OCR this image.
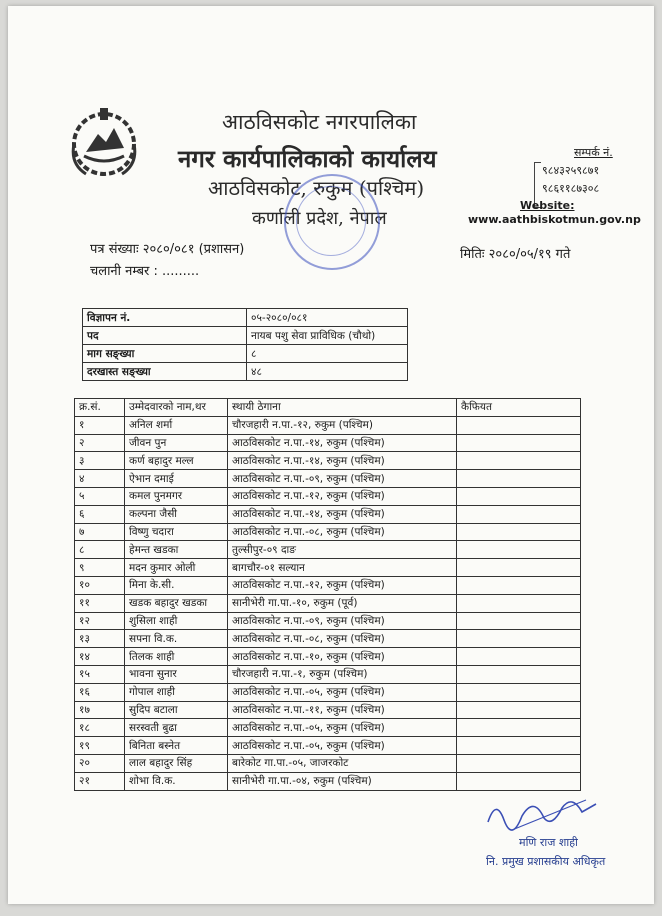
आठविसकोट नगरपालिका
नगर कार्यपालिकाको कार्यालय
आठविसकोट, रुकुम (पश्चिम)
कर्णाली प्रदेश, नेपाल
सम्पर्क नं.
९८४३२५९८७१
९८६११८७३०८
Website:
www.aathbiskotmun.gov.np
पत्र संख्याः २०८०/०८१ (प्रशासन)
चलानी नम्बर : .........
मितिः २०८०/०५/१९ गते
विज्ञापन नं.	०५-२०८०/०८१
पद	नायब पशु सेवा प्राविधिक (चौथो)
माग सङ्ख्या	८
दरखास्त सङ्ख्या	४८
क्र.सं.	उम्मेदवारको नाम,थर	स्थायी ठेगाना	कैफियत
१	अनिल शर्मा	चौरजहारी न.पा.-१२, रुकुम (पश्चिम)	
२	जीवन पुन	आठविसकोट न.पा.-१४, रुकुम (पश्चिम)	
३	कर्ण बहादुर मल्ल	आठविसकोट न.पा.-१४, रुकुम (पश्चिम)	
४	ऐभान दमाई	आठविसकोट न.पा.-०९, रुकुम (पश्चिम)	
५	कमल पुनमगर	आठविसकोट न.पा.-१२, रुकुम (पश्चिम)	
६	कल्पना जैसी	आठविसकोट न.पा.-१४, रुकुम (पश्चिम)	
७	विष्णु चदारा	आठविसकोट न.पा.-०८, रुकुम (पश्चिम)	
८	हेमन्त खडका	तुल्सीपुर-०९ दाङ	
९	मदन कुमार ओली	बागचौर-०१ सल्यान	
१०	मिना के.सी.	आठविसकोट न.पा.-१२, रुकुम (पश्चिम)	
११	खडक बहादुर खडका	सानीभेरी गा.पा.-१०, रुकुम (पूर्व)	
१२	शुसिला शाही	आठविसकोट न.पा.-०९, रुकुम (पश्चिम)	
१३	सपना वि.क.	आठविसकोट न.पा.-०८, रुकुम (पश्चिम)	
१४	तिलक शाही	आठविसकोट न.पा.-१०, रुकुम (पश्चिम)	
१५	भावना सुनार	चौरजहारी न.पा.-१, रुकुम (पश्चिम)	
१६	गोपाल शाही	आठविसकोट न.पा.-०५, रुकुम (पश्चिम)	
१७	सुदिप बटाला	आठविसकोट न.पा.-११, रुकुम (पश्चिम)	
१८	सरस्वती बुढा	आठविसकोट न.पा.-०५, रुकुम (पश्चिम)	
१९	बिनिता बस्नेत	आठविसकोट न.पा.-०५, रुकुम (पश्चिम)	
२०	लाल बहादुर सिंह	बारेकोट गा.पा.-०५, जाजरकोट	
२१	शोभा वि.क.	सानीभेरी गा.पा.-०४, रुकुम (पश्चिम)	
मणि राज शाही
नि. प्रमुख प्रशासकीय अधिकृत
